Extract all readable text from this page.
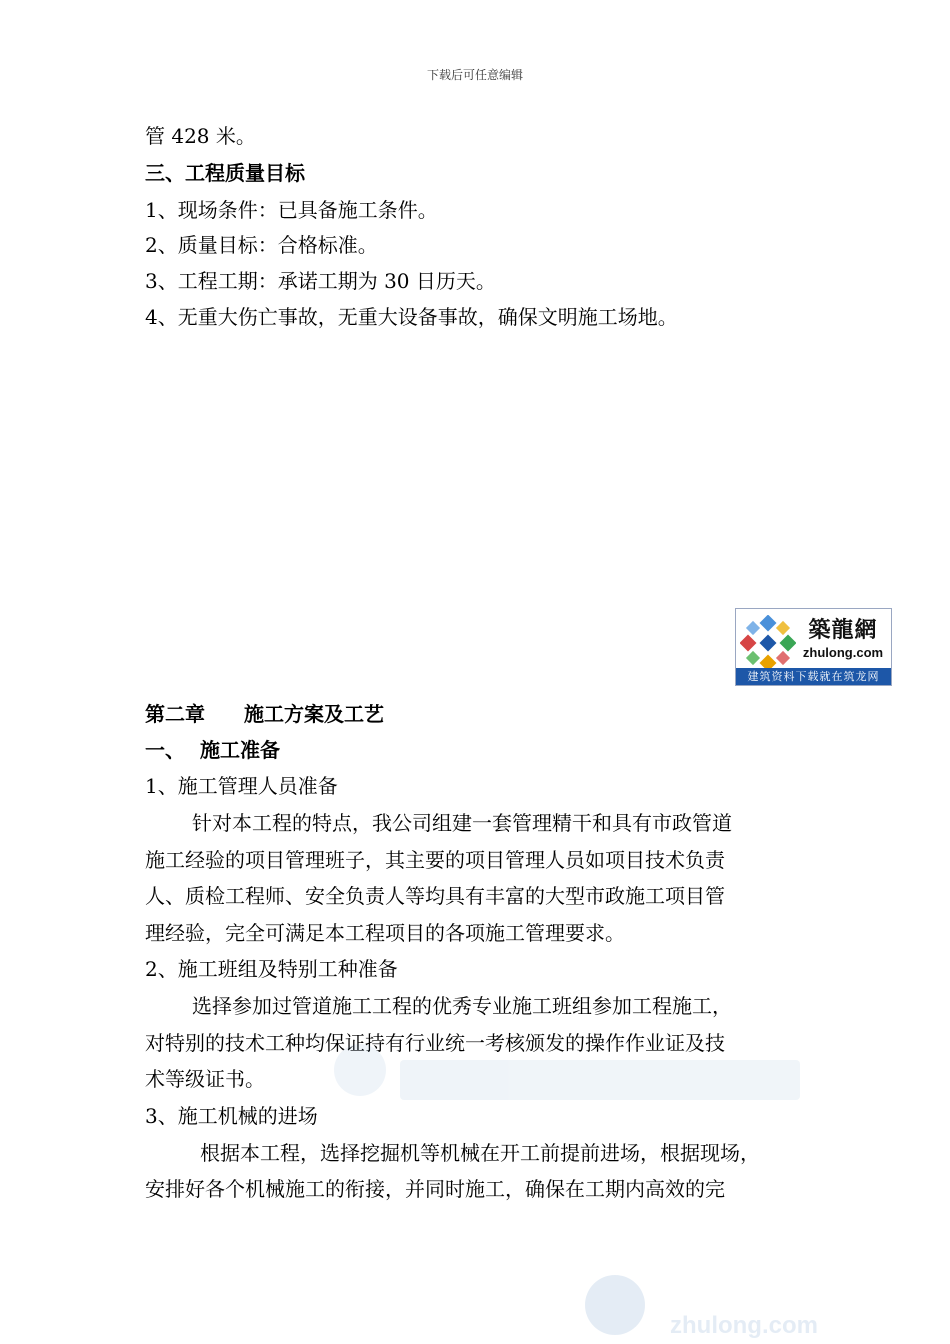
下载后可任意编辑
管 428 米。
三、工程质量目标
1、现场条件：已具备施工条件。
2、质量目标：合格标准。
3、工程工期：承诺工期为 30 日历天。
4、无重大伤亡事故，无重大设备事故，确保文明施工场地。
築龍網
zhulong.com
建筑资料下载就在筑龙网
第二章 施工方案及工艺
一、 施工准备
1、施工管理人员准备
针对本工程的特点，我公司组建一套管理精干和具有市政管道
施工经验的项目管理班子，其主要的项目管理人员如项目技术负责
人、质检工程师、安全负责人等均具有丰富的大型市政施工项目管
理经验，完全可满足本工程项目的各项施工管理要求。
2、施工班组及特别工种准备
选择参加过管道施工工程的优秀专业施工班组参加工程施工，
对特别的技术工种均保证持有行业统一考核颁发的操作作业证及技
术等级证书。
3、施工机械的进场
根据本工程，选择挖掘机等机械在开工前提前进场，根据现场，
安排好各个机械施工的衔接，并同时施工，确保在工期内高效的完
zhulong.com
